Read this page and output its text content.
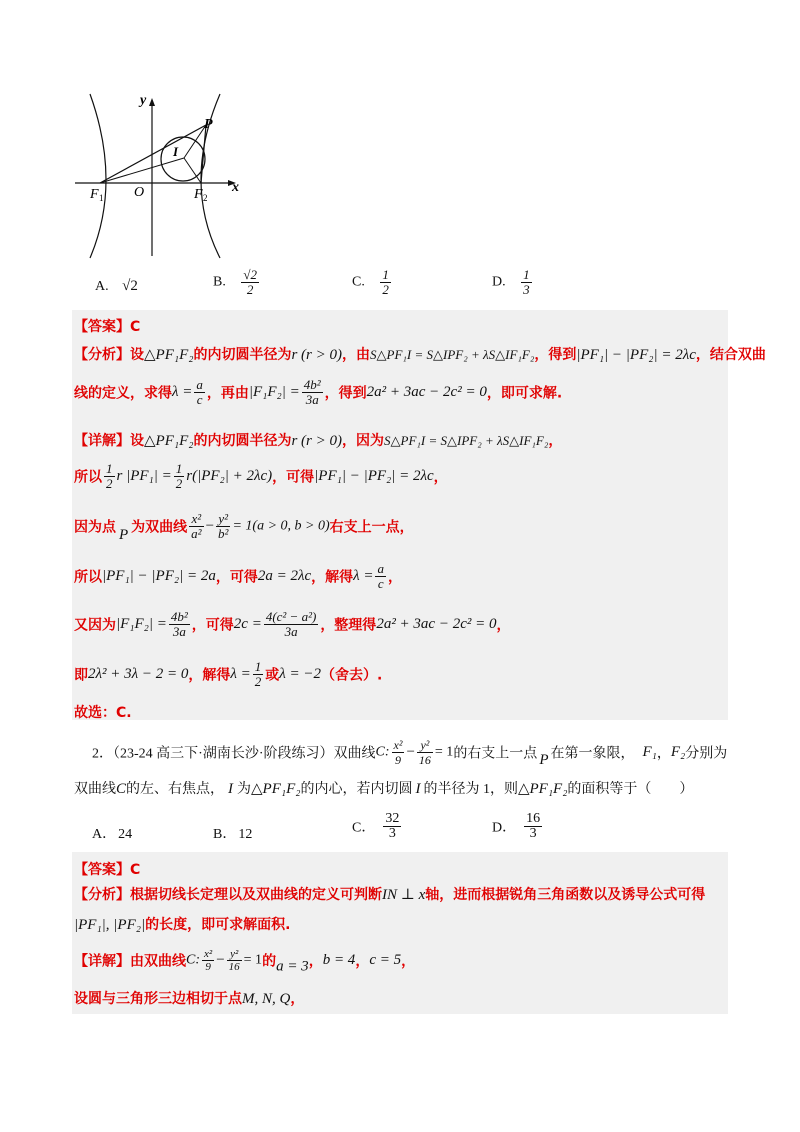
y
x
P
I
O
F 1	F 2
A. √2	B. $\frac{√2}{2}$	C. $\frac{1}{2}$	D. $\frac{1}{3}$
【答案】C
【分析】设△PF₁F₂的内切圆半径为r (r > 0)，由S△PF₁I = S△IPF₂ + λS△IF₁F₂，得到|PF₁| − |PF₂| = 2λc，结合双曲
线的定义，求得$\lambda = \frac{a}{c}$ ，再由$|F_1F_2| = \frac{\text{4b²}}{3a}$ ，得到2a² + 3ac − 2c² = 0，即可求解.
【详解】设△PF₁F₂的内切圆半径为r (r > 0)，因为S△PF₁I = S△IPF₂ + λS△IF₁F₂，
所以 $\frac{1}{2}$ r $|PF_1| = \frac{1}{2} r(|PF_2| + 2\lambda c)$，可得|PF₁| − |PF₂| = 2λc，
因为点 P 为双曲线 $\frac{\text{x²}}{\text{a²}} - \frac{\text{y²}}{\text{b²}} = 1(a > 0$, b > 0)右支上一点，
所以|PF₁| − |PF₂| = 2a，可得2a = 2λc，解得$\lambda = \frac{a}{c}$ ，
又因为$|F_1F_2| = \frac{\text{4b²}}{3a}$ ，可得$2c = \frac{\text{4(c² − a²)}}{3a}$ ，整理得2a² + 3ac − 2c² = 0，
即2λ² + 3λ − 2 = 0，解得$\lambda = \frac{1}{2}$ 或λ = −2（舍去）.
故选：C.
2．（23-24 高三下·湖南长沙·阶段练习）双曲线C: $\frac{\text{x²}}{9} - \frac{\text{y²}}{16} = 1$的右支上一点 P 在第一象限， F₁，F₂分别为
双曲线C的左、右焦点， I 为△PF₁F₂的内心，若内切圆 I 的半径为 1，则△PF₁F₂的面积等于（　　）
A． 24	B． 12	C． $\frac{32}{3}$	D． $\frac{16}{3}$
【答案】C
【分析】根据切线长定理以及双曲线的定义可判断IN ⊥ x轴，进而根据锐角三角函数以及诱导公式可得
|PF₁|, |PF₂|的长度，即可求解面积.
【详解】由双曲线C: $\frac{\text{x²}}{9} - \frac{\text{y²}}{16} = 1$的a = 3，b = 4，c = 5，
设圆与三角形三边相切于点M, N, Q，
